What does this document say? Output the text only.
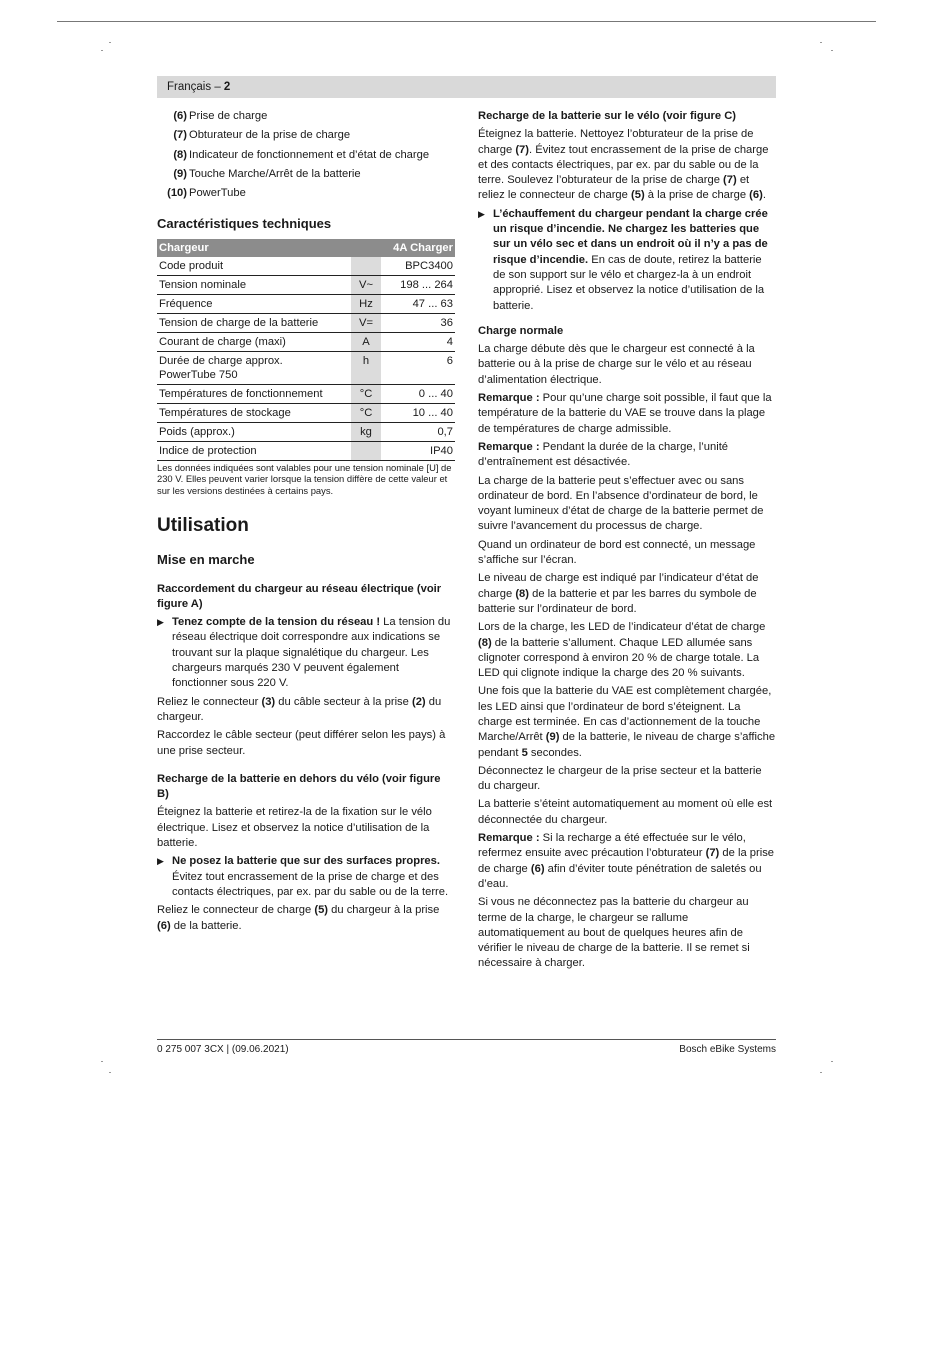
Français – 2
(6) Prise de charge
(7) Obturateur de la prise de charge
(8) Indicateur de fonctionnement et d’état de charge
(9) Touche Marche/Arrêt de la batterie
(10) PowerTube
Caractéristiques techniques
Chargeur		4A Charger
Code produit		BPC3400
Tension nominale	V~	198 ... 264
Fréquence	Hz	47 ... 63
Tension de charge de la batterie	V=	36
Courant de charge (maxi)	A	4
Durée de charge approx.
PowerTube 750	h	6
Températures de fonctionnement	°C	0 ... 40
Températures de stockage	°C	10 ... 40
Poids (approx.)	kg	0,7
Indice de protection		IP40
Les données indiquées sont valables pour une tension nominale [U] de 230 V. Elles peuvent varier lorsque la tension diffère de cette valeur et sur les versions destinées à certains pays.
Utilisation
Mise en marche
Raccordement du chargeur au réseau électrique (voir figure A)
▶ Tenez compte de la tension du réseau ! La tension du réseau électrique doit correspondre aux indications se trouvant sur la plaque signalétique du chargeur. Les chargeurs marqués 230 V peuvent également fonctionner sous 220 V.

Reliez le connecteur (3) du câble secteur à la prise (2) du chargeur.

Raccordez le câble secteur (peut différer selon les pays) à une prise secteur.

Recharge de la batterie en dehors du vélo (voir figure B)

Éteignez la batterie et retirez-la de la fixation sur le vélo électrique. Lisez et observez la notice d’utilisation de la batterie.

▶ Ne posez la batterie que sur des surfaces propres. Évitez tout encrassement de la prise de charge et des contacts électriques, par ex. par du sable ou de la terre.

Reliez le connecteur de charge (5) du chargeur à la prise (6) de la batterie.

Recharge de la batterie sur le vélo (voir figure C)

Éteignez la batterie. Nettoyez l’obturateur de la prise de charge (7). Évitez tout encrassement de la prise de charge et des contacts électriques, par ex. par du sable ou de la terre. Soulevez l’obturateur de la prise de charge (7) et reliez le connecteur de charge (5) à la prise de charge (6).

▶ L’échauffement du chargeur pendant la charge crée un risque d’incendie. Ne chargez les batteries que sur un vélo sec et dans un endroit où il n’y a pas de risque d’incendie. En cas de doute, retirez la batterie de son support sur le vélo et chargez-la à un endroit approprié. Lisez et observez la notice d’utilisation de la batterie.
Charge normale

La charge débute dès que le chargeur est connecté à la batterie ou à la prise de charge sur le vélo et au réseau d’alimentation électrique.

Remarque : Pour qu’une charge soit possible, il faut que la température de la batterie du VAE se trouve dans la plage de températures de charge admissible.

Remarque : Pendant la durée de la charge, l’unité d’entraînement est désactivée.

La charge de la batterie peut s’effectuer avec ou sans ordinateur de bord. En l’absence d’ordinateur de bord, le voyant lumineux d’état de charge de la batterie permet de suivre l’avancement du processus de charge.

Quand un ordinateur de bord est connecté, un message s’affiche sur l’écran.

Le niveau de charge est indiqué par l’indicateur d’état de charge (8) de la batterie et par les barres du symbole de batterie sur l’ordinateur de bord.

Lors de la charge, les LED de l’indicateur d’état de charge (8) de la batterie s’allument. Chaque LED allumée sans clignoter correspond à environ 20 % de charge totale. La LED qui clignote indique la charge des 20 % suivants.

Une fois que la batterie du VAE est complètement chargée, les LED ainsi que l’ordinateur de bord s’éteignent. La charge est terminée. En cas d’actionnement de la touche Marche/Arrêt (9) de la batterie, le niveau de charge s’affiche pendant 5 secondes.

Déconnectez le chargeur de la prise secteur et la batterie du chargeur.

La batterie s’éteint automatiquement au moment où elle est déconnectée du chargeur.

Remarque : Si la recharge a été effectuée sur le vélo, refermez ensuite avec précaution l’obturateur (7) de la prise de charge (6) afin d’éviter toute pénétration de saletés ou d’eau.

Si vous ne déconnectez pas la batterie du chargeur au terme de la charge, le chargeur se rallume automatiquement au bout de quelques heures afin de vérifier le niveau de charge de la batterie. Il se remet si nécessaire à charger.

0 275 007 3CX | (09.06.2021)	Bosch eBike Systems
